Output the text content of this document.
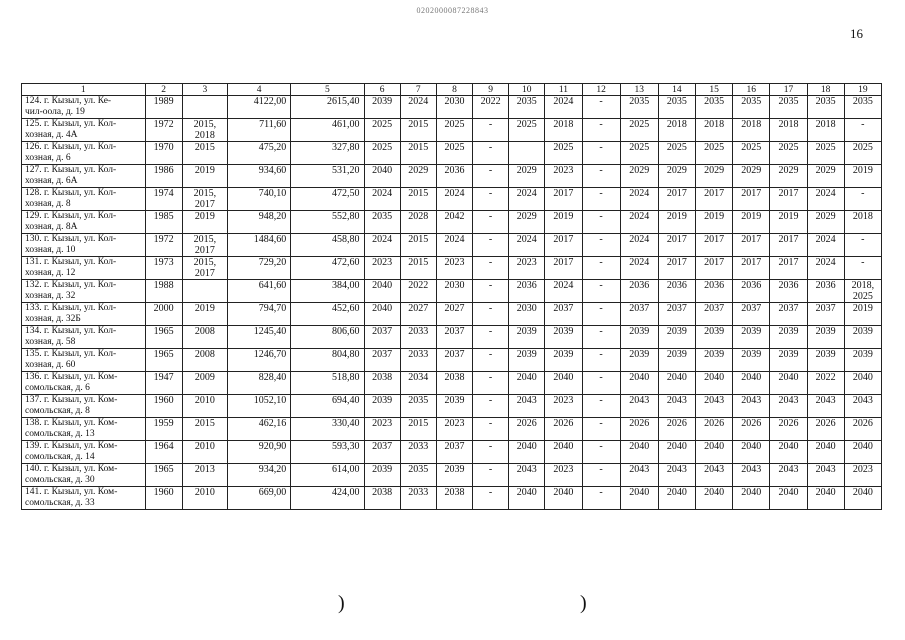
0202000087228843
16
1	2	3	4	5	6	7	8	9	10	11	12	13	14	15	16	17	18	19
124. г. Кызыл, ул. Ке-
чил-оола, д. 19	1989		4122,00	2615,40	2039	2024	2030	2022	2035	2024	-	2035	2035	2035	2035	2035	2035	2035
125. г. Кызыл, ул. Кол-
хозная, д. 4А	1972	2015,
2018	711,60	461,00	2025	2015	2025	-	2025	2018	-	2025	2018	2018	2018	2018	2018	-
126. г. Кызыл, ул. Кол-
хозная, д. 6	1970	2015	475,20	327,80	2025	2015	2025	-		2025	-	2025	2025	2025	2025	2025	2025	2025
127. г. Кызыл, ул. Кол-
хозная, д. 6А	1986	2019	934,60	531,20	2040	2029	2036	-	2029	2023	-	2029	2029	2029	2029	2029	2029	2019
128. г. Кызыл, ул. Кол-
хозная, д. 8	1974	2015,
2017	740,10	472,50	2024	2015	2024	-	2024	2017	-	2024	2017	2017	2017	2017	2024	-
129. г. Кызыл, ул. Кол-
хозная, д. 8А	1985	2019	948,20	552,80	2035	2028	2042	-	2029	2019	-	2024	2019	2019	2019	2019	2029	2018
130. г. Кызыл, ул. Кол-
хозная, д. 10	1972	2015,
2017	1484,60	458,80	2024	2015	2024	-	2024	2017	-	2024	2017	2017	2017	2017	2024	-
131. г. Кызыл, ул. Кол-
хозная, д. 12	1973	2015,
2017	729,20	472,60	2023	2015	2023	-	2023	2017	-	2024	2017	2017	2017	2017	2024	-
132. г. Кызыл, ул. Кол-
хозная, д. 32	1988		641,60	384,00	2040	2022	2030	-	2036	2024	-	2036	2036	2036	2036	2036	2036	2018,
2025
133. г. Кызыл, ул. Кол-
хозная, д. 32Б	2000	2019	794,70	452,60	2040	2027	2027	-	2030	2037	-	2037	2037	2037	2037	2037	2037	2019
134. г. Кызыл, ул. Кол-
хозная, д. 58	1965	2008	1245,40	806,60	2037	2033	2037	-	2039	2039	-	2039	2039	2039	2039	2039	2039	2039
135. г. Кызыл, ул. Кол-
хозная, д. 60	1965	2008	1246,70	804,80	2037	2033	2037	-	2039	2039	-	2039	2039	2039	2039	2039	2039	2039
136. г. Кызыл, ул. Ком-
сомольская, д. 6	1947	2009	828,40	518,80	2038	2034	2038	-	2040	2040	-	2040	2040	2040	2040	2040	2022	2040
137. г. Кызыл, ул. Ком-
сомольская, д. 8	1960	2010	1052,10	694,40	2039	2035	2039	-	2043	2023	-	2043	2043	2043	2043	2043	2043	2043
138. г. Кызыл, ул. Ком-
сомольская, д. 13	1959	2015	462,16	330,40	2023	2015	2023	-	2026	2026	-	2026	2026	2026	2026	2026	2026	2026
139. г. Кызыл, ул. Ком-
сомольская, д. 14	1964	2010	920,90	593,30	2037	2033	2037	-	2040	2040	-	2040	2040	2040	2040	2040	2040	2040
140. г. Кызыл, ул. Ком-
сомольская, д. 30	1965	2013	934,20	614,00	2039	2035	2039	-	2043	2023	-	2043	2043	2043	2043	2043	2043	2023
141. г. Кызыл, ул. Ком-
сомольская, д. 33	1960	2010	669,00	424,00	2038	2033	2038	-	2040	2040	-	2040	2040	2040	2040	2040	2040	2040
)	)
